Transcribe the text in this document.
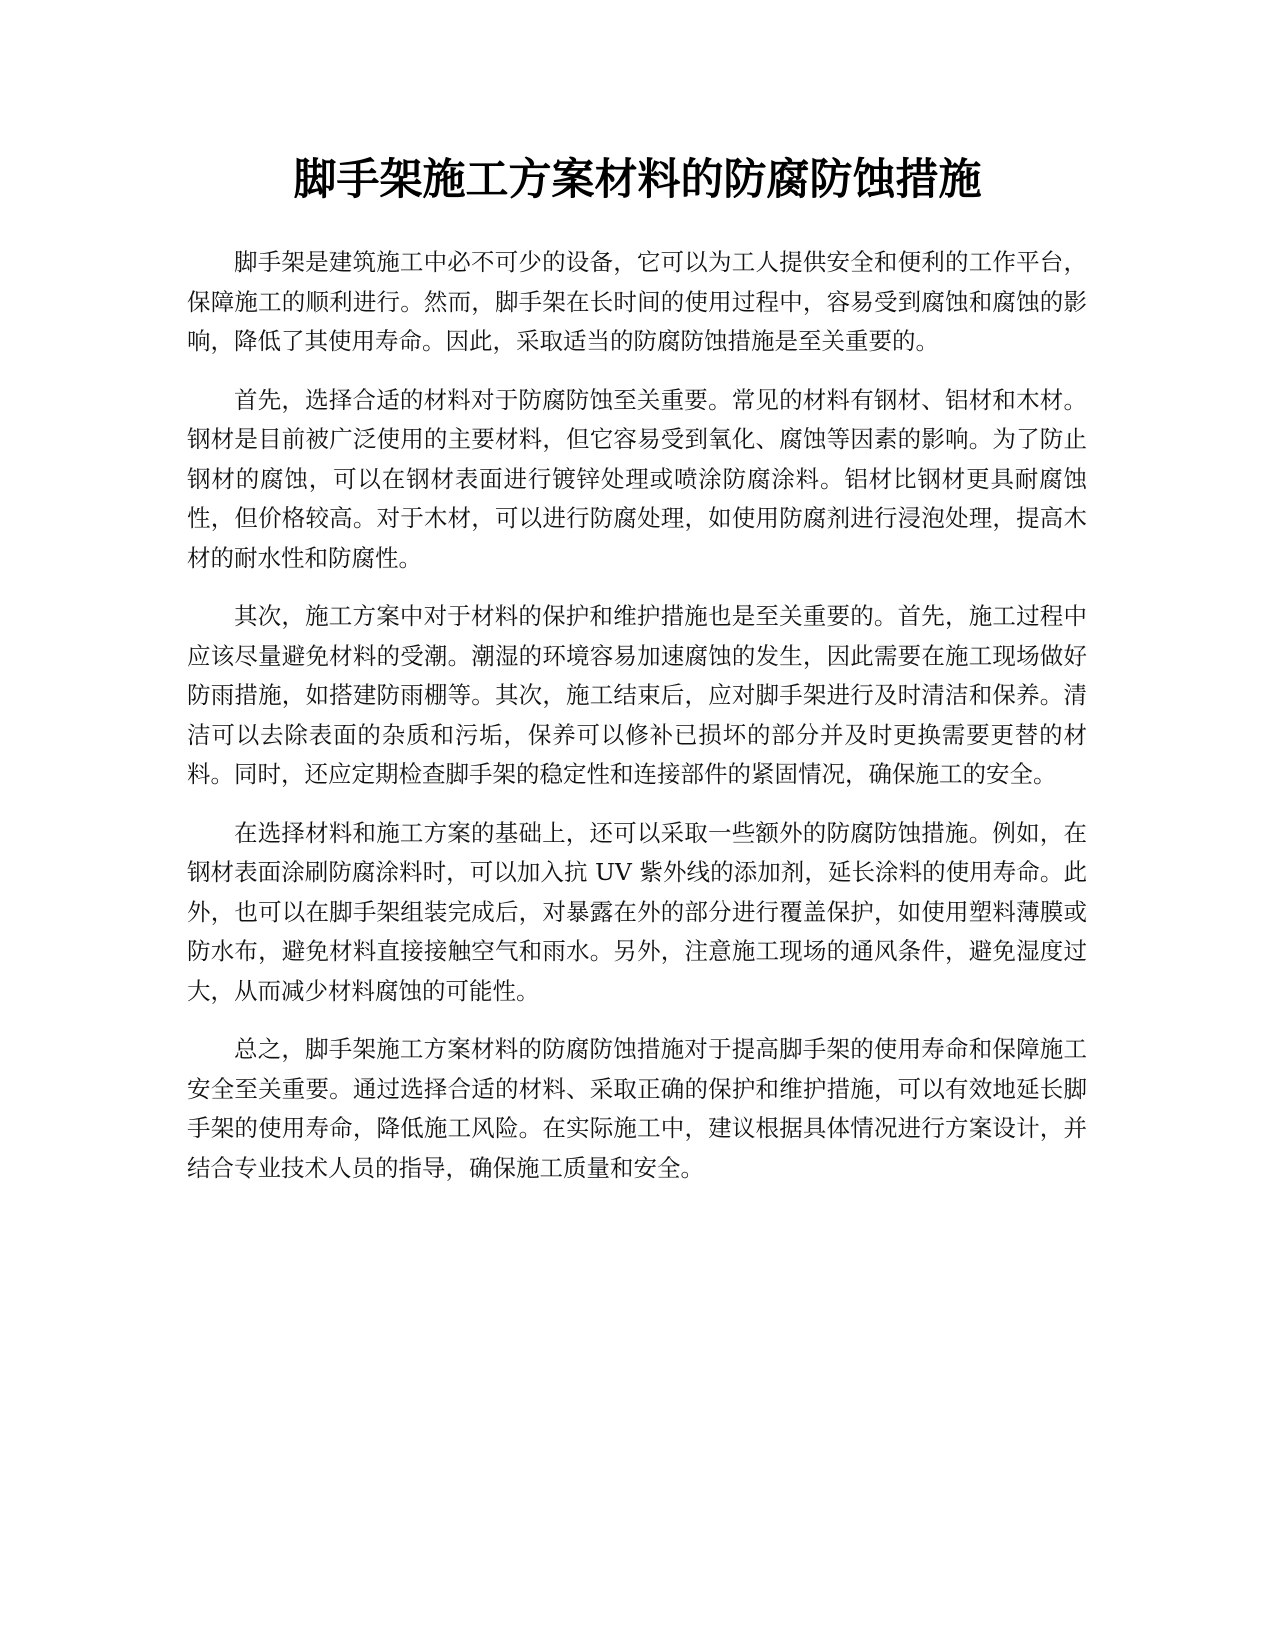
脚手架施工方案材料的防腐防蚀措施

脚手架是建筑施工中必不可少的设备，它可以为工人提供安全和便利的工作平台，保障施工的顺利进行。然而，脚手架在长时间的使用过程中，容易受到腐蚀和腐蚀的影响，降低了其使用寿命。因此，采取适当的防腐防蚀措施是至关重要的。

首先，选择合适的材料对于防腐防蚀至关重要。常见的材料有钢材、铝材和木材。钢材是目前被广泛使用的主要材料，但它容易受到氧化、腐蚀等因素的影响。为了防止钢材的腐蚀，可以在钢材表面进行镀锌处理或喷涂防腐涂料。铝材比钢材更具耐腐蚀性，但价格较高。对于木材，可以进行防腐处理，如使用防腐剂进行浸泡处理，提高木材的耐水性和防腐性。

其次，施工方案中对于材料的保护和维护措施也是至关重要的。首先，施工过程中应该尽量避免材料的受潮。潮湿的环境容易加速腐蚀的发生，因此需要在施工现场做好防雨措施，如搭建防雨棚等。其次，施工结束后，应对脚手架进行及时清洁和保养。清洁可以去除表面的杂质和污垢，保养可以修补已损坏的部分并及时更换需要更替的材料。同时，还应定期检查脚手架的稳定性和连接部件的紧固情况，确保施工的安全。

在选择材料和施工方案的基础上，还可以采取一些额外的防腐防蚀措施。例如，在钢材表面涂刷防腐涂料时，可以加入抗 UV 紫外线的添加剂，延长涂料的使用寿命。此外，也可以在脚手架组装完成后，对暴露在外的部分进行覆盖保护，如使用塑料薄膜或防水布，避免材料直接接触空气和雨水。另外，注意施工现场的通风条件，避免湿度过大，从而减少材料腐蚀的可能性。

总之，脚手架施工方案材料的防腐防蚀措施对于提高脚手架的使用寿命和保障施工安全至关重要。通过选择合适的材料、采取正确的保护和维护措施，可以有效地延长脚手架的使用寿命，降低施工风险。在实际施工中，建议根据具体情况进行方案设计，并结合专业技术人员的指导，确保施工质量和安全。
